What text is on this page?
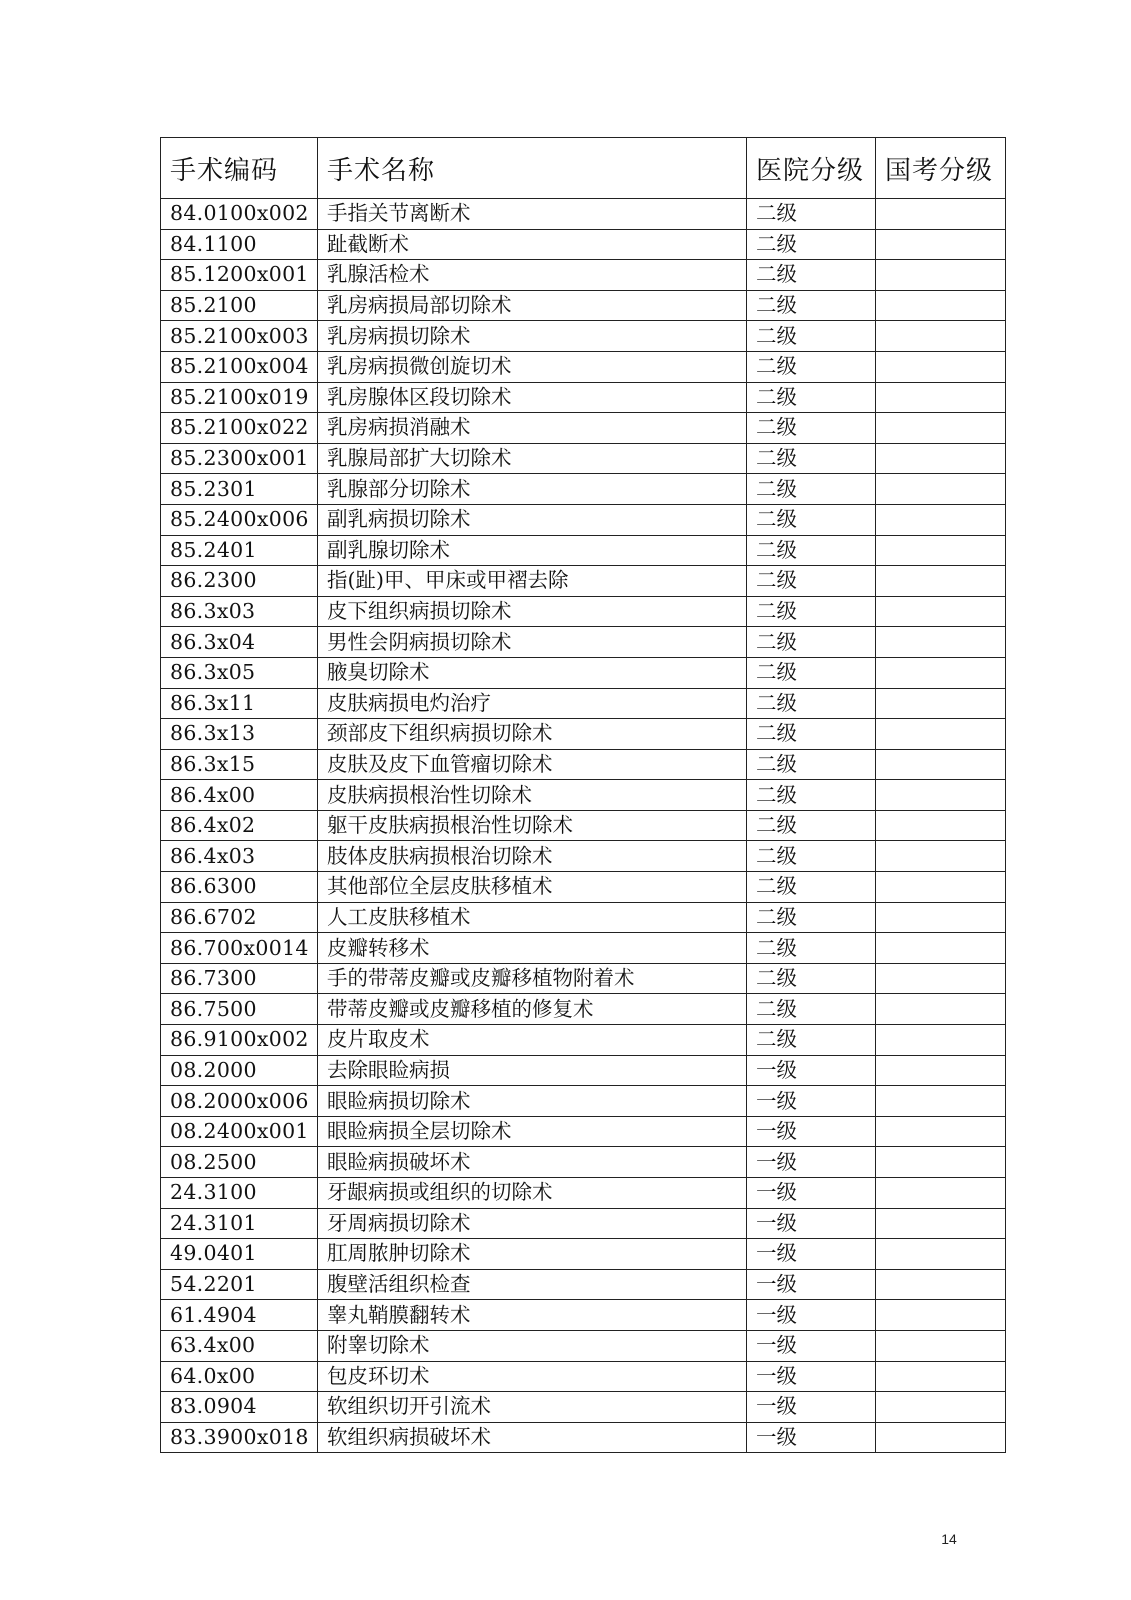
手术编码	手术名称	医院分级	国考分级
84.0100x002	手指关节离断术	二级	
84.1100	趾截断术	二级	
85.1200x001	乳腺活检术	二级	
85.2100	乳房病损局部切除术	二级	
85.2100x003	乳房病损切除术	二级	
85.2100x004	乳房病损微创旋切术	二级	
85.2100x019	乳房腺体区段切除术	二级	
85.2100x022	乳房病损消融术	二级	
85.2300x001	乳腺局部扩大切除术	二级	
85.2301	乳腺部分切除术	二级	
85.2400x006	副乳病损切除术	二级	
85.2401	副乳腺切除术	二级	
86.2300	指(趾)甲、甲床或甲褶去除	二级	
86.3x03	皮下组织病损切除术	二级	
86.3x04	男性会阴病损切除术	二级	
86.3x05	腋臭切除术	二级	
86.3x11	皮肤病损电灼治疗	二级	
86.3x13	颈部皮下组织病损切除术	二级	
86.3x15	皮肤及皮下血管瘤切除术	二级	
86.4x00	皮肤病损根治性切除术	二级	
86.4x02	躯干皮肤病损根治性切除术	二级	
86.4x03	肢体皮肤病损根治切除术	二级	
86.6300	其他部位全层皮肤移植术	二级	
86.6702	人工皮肤移植术	二级	
86.700x0014	皮瓣转移术	二级	
86.7300	手的带蒂皮瓣或皮瓣移植物附着术	二级	
86.7500	带蒂皮瓣或皮瓣移植的修复术	二级	
86.9100x002	皮片取皮术	二级	
08.2000	去除眼睑病损	一级	
08.2000x006	眼睑病损切除术	一级	
08.2400x001	眼睑病损全层切除术	一级	
08.2500	眼睑病损破坏术	一级	
24.3100	牙龈病损或组织的切除术	一级	
24.3101	牙周病损切除术	一级	
49.0401	肛周脓肿切除术	一级	
54.2201	腹壁活组织检查	一级	
61.4904	睾丸鞘膜翻转术	一级	
63.4x00	附睾切除术	一级	
64.0x00	包皮环切术	一级	
83.0904	软组织切开引流术	一级	
83.3900x018	软组织病损破坏术	一级	
14
